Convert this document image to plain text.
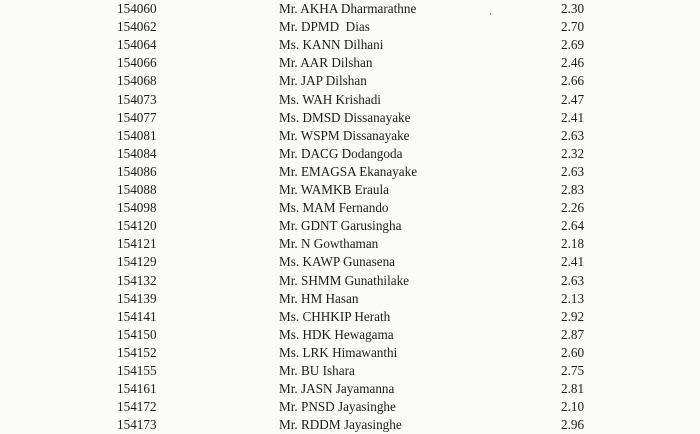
·
154060	Mr. AKHA Dharmarathne	2.30
154062	Mr. DPMD  Dias	2.70
154064	Ms. KANN Dilhani	2.69
154066	Mr. AAR Dilshan	2.46
154068	Mr. JAP Dilshan	2.66
154073	Ms. WAH Krishadi	2.47
154077	Ms. DMSD Dissanayake	2.41
154081	Mr. WSPM Dissanayake	2.63
154084	Mr. DACG Dodangoda	2.32
154086	Mr. EMAGSA Ekanayake	2.63
154088	Mr. WAMKB Eraula	2.83
154098	Ms. MAM Fernando	2.26
154120	Mr. GDNT Garusingha	2.64
154121	Mr. N Gowthaman	2.18
154129	Ms. KAWP Gunasena	2.41
154132	Mr. SHMM Gunathilake	2.63
154139	Mr. HM Hasan	2.13
154141	Ms. CHHKIP Herath	2.92
154150	Ms. HDK Hewagama	2.87
154152	Ms. LRK Himawanthi	2.60
154155	Mr. BU Ishara	2.75
154161	Mr. JASN Jayamanna	2.81
154172	Mr. PNSD Jayasinghe	2.10
154173	Mr. RDDM Jayasinghe	2.96
